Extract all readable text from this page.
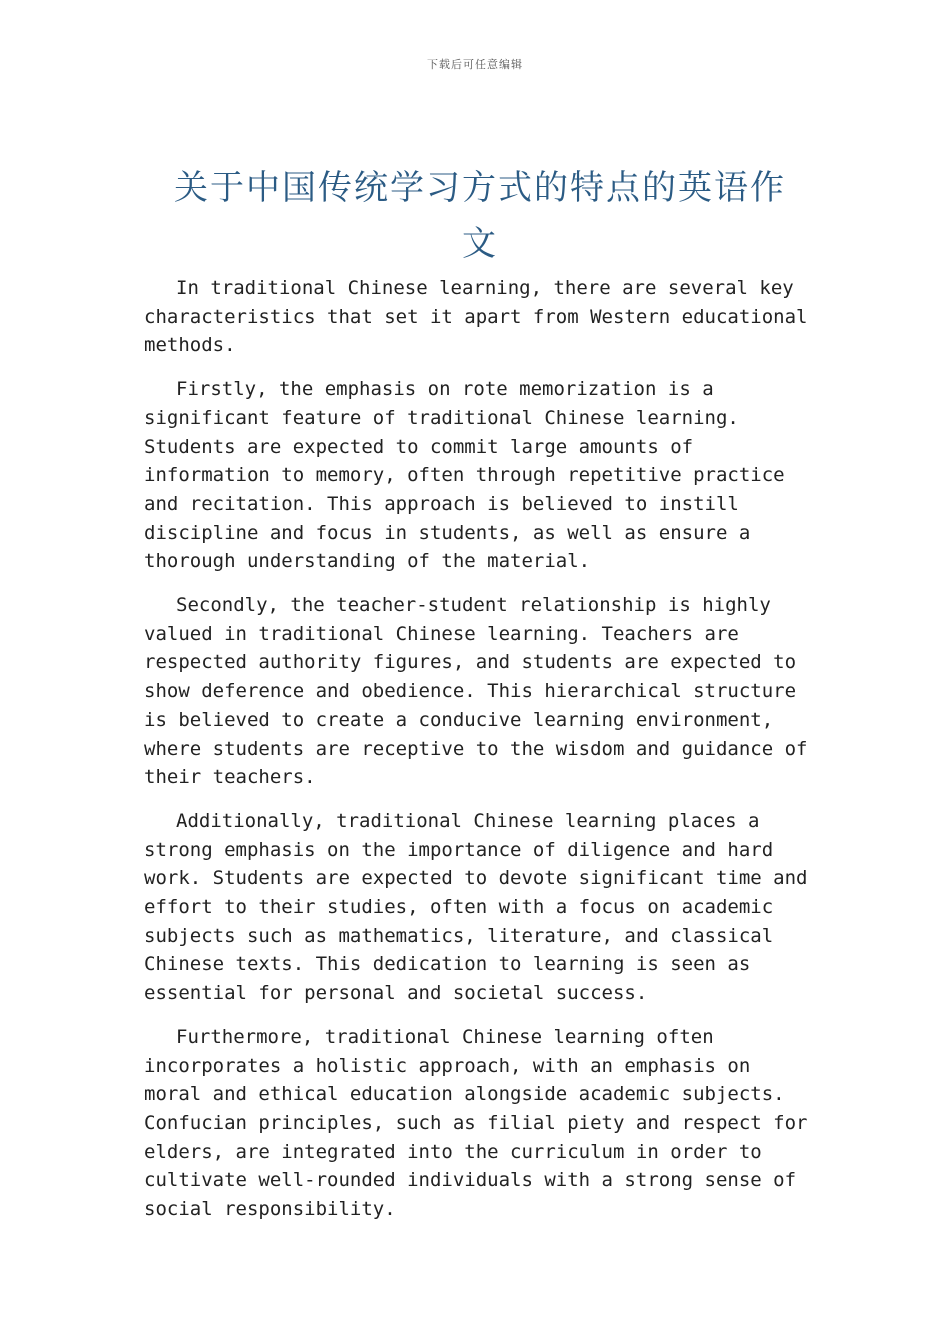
下载后可任意编辑
关于中国传统学习方式的特点的英语作文

In traditional Chinese learning, there are several key characteristics that set it apart from Western educational methods.

Firstly, the emphasis on rote memorization is a significant feature of traditional Chinese learning. Students are expected to commit large amounts of information to memory, often through repetitive practice and recitation. This approach is believed to instill discipline and focus in students, as well as ensure a thorough understanding of the material.

Secondly, the teacher-student relationship is highly valued in traditional Chinese learning. Teachers are respected authority figures, and students are expected to show deference and obedience. This hierarchical structure is believed to create a conducive learning environment, where students are receptive to the wisdom and guidance of their teachers.

Additionally, traditional Chinese learning places a strong emphasis on the importance of diligence and hard work. Students are expected to devote significant time and effort to their studies, often with a focus on academic subjects such as mathematics, literature, and classical Chinese texts. This dedication to learning is seen as essential for personal and societal success.

Furthermore, traditional Chinese learning often incorporates a holistic approach, with an emphasis on moral and ethical education alongside academic subjects. Confucian principles, such as filial piety and respect for elders, are integrated into the curriculum in order to cultivate well-rounded individuals with a strong sense of social responsibility.
